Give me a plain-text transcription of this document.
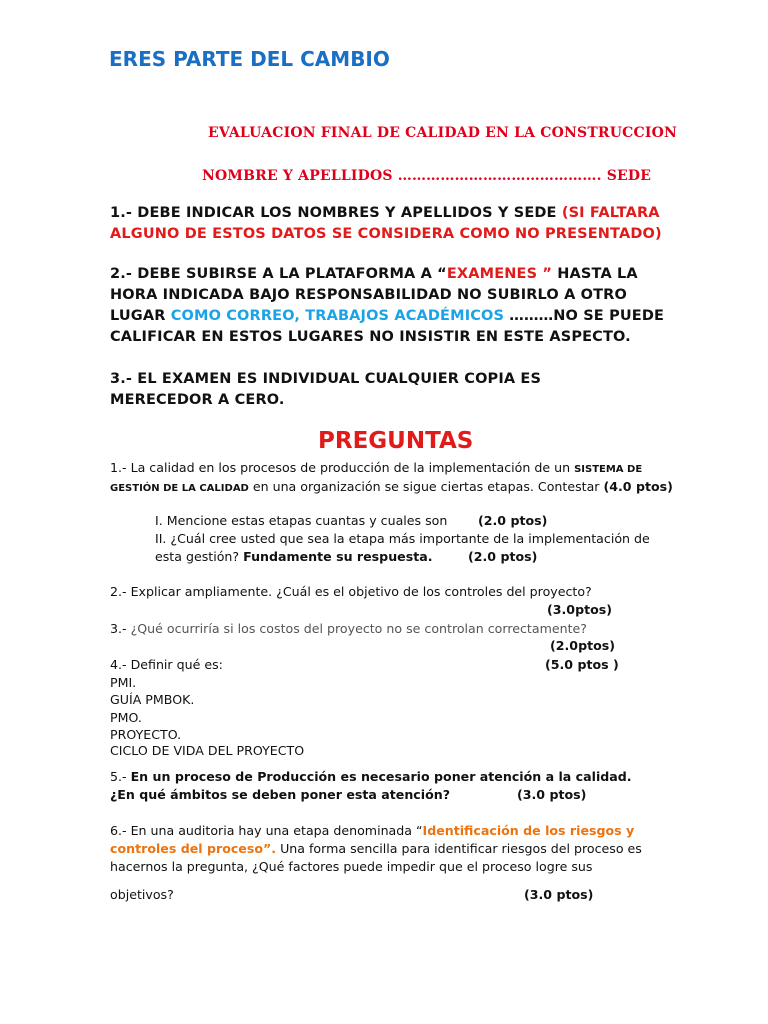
ERES PARTE DEL CAMBIO
EVALUACION FINAL DE CALIDAD EN LA CONSTRUCCION
NOMBRE Y APELLIDOS ……………………………………. SEDE

1.- DEBE INDICAR LOS NOMBRES Y APELLIDOS Y SEDE (SI FALTARA ALGUNO DE ESTOS DATOS SE CONSIDERA COMO NO PRESENTADO)

2.- DEBE SUBIRSE A LA PLATAFORMA A “EXAMENES ” HASTA LA HORA INDICADA BAJO RESPONSABILIDAD NO SUBIRLO A OTRO LUGAR COMO CORREO, TRABAJOS ACADÉMICOS ………NO SE PUEDE CALIFICAR EN ESTOS LUGARES NO INSISTIR EN ESTE ASPECTO.

3.- EL EXAMEN ES INDIVIDUAL CUALQUIER COPIA ES MERECEDOR A CERO.

PREGUNTAS
1.- La calidad en los procesos de producción de la implementación de un SISTEMA DE
GESTIÓN DE LA CALIDAD en una organización se sigue ciertas etapas. Contestar (4.0 ptos)
I. Mencione estas etapas cuantas y cuales son (2.0 ptos)
II. ¿Cuál cree usted que sea la etapa más importante de la implementación de
esta gestión? Fundamente su respuesta.	(2.0 ptos)
2.- Explicar ampliamente. ¿Cuál es el objetivo de los controles del proyecto?
(3.0ptos)
3.- ¿Qué ocurriría si los costos del proyecto no se controlan correctamente?
(2.0ptos)
4.- Definir qué es:	(5.0 ptos )
PMI.
GUÍA PMBOK.
PMO.
PROYECTO.
CICLO DE VIDA DEL PROYECTO
5.- En un proceso de Producción es necesario poner atención a la calidad.
¿En qué ámbitos se deben poner esta atención?	(3.0 ptos)
6.- En una auditoria hay una etapa denominada “Identificación de los riesgos y
controles del proceso”. Una forma sencilla para identificar riesgos del proceso es
hacernos la pregunta, ¿Qué factores puede impedir que el proceso logre sus
objetivos?	(3.0 ptos)
